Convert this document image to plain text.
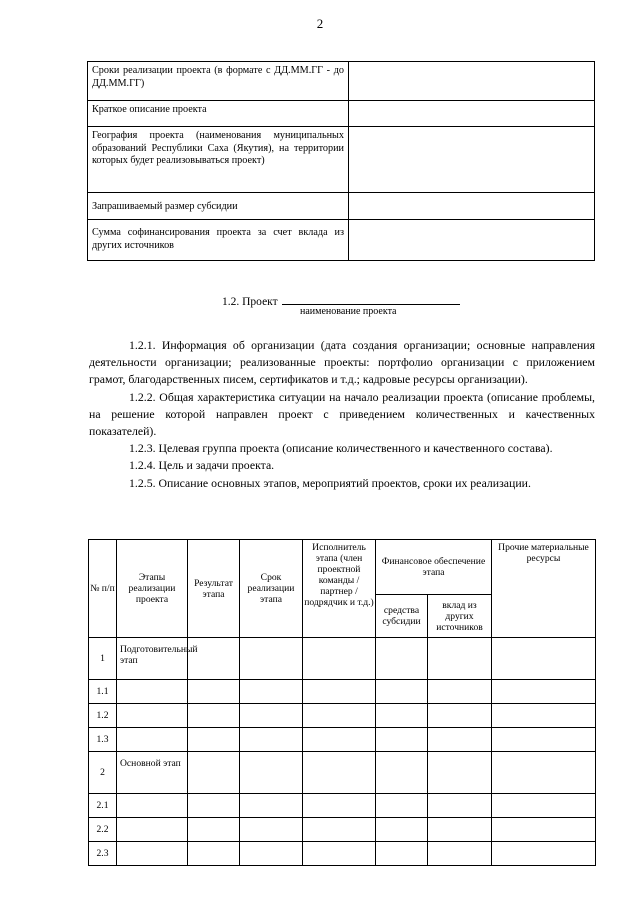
2
Сроки реализации проекта (в формате с ДД.ММ.ГГ - до ДД.ММ.ГГ)	
Краткое описание проекта	
География проекта (наименования муниципальных образований Республики Саха (Якутия), на территории которых будет реализовываться проект)	
Запрашиваемый размер субсидии	
Сумма софинансирования проекта за счет вклада из других источников	
1.2. Проект
наименование проекта

1.2.1. Информация об организации (дата создания организации; основные направления деятельности организации; реализованные проекты: портфолио организации с приложением грамот, благодарственных писем, сертификатов и т.д.; кадровые ресурсы организации).

1.2.2. Общая характеристика ситуации на начало реализации проекта (описание проблемы, на решение которой направлен проект с приведением количественных и качественных показателей).

1.2.3. Целевая группа проекта (описание количественного и качественного состава).

1.2.4. Цель и задачи проекта.

1.2.5. Описание основных этапов, мероприятий проектов, сроки их реализации.

№ п/п	Этапы реализации проекта	Результат этапа	Срок реализации этапа	Исполнитель этапа (член проектной команды / партнер / подрядчик и т.д.)	Финансовое обеспечение этапа		Прочие материальные ресурсы
					средства субсидии	вклад из других источников	
1	Подготовительный этап						
1.1							
1.2							
1.3							
2	Основной этап						
2.1							
2.2							
2.3							
